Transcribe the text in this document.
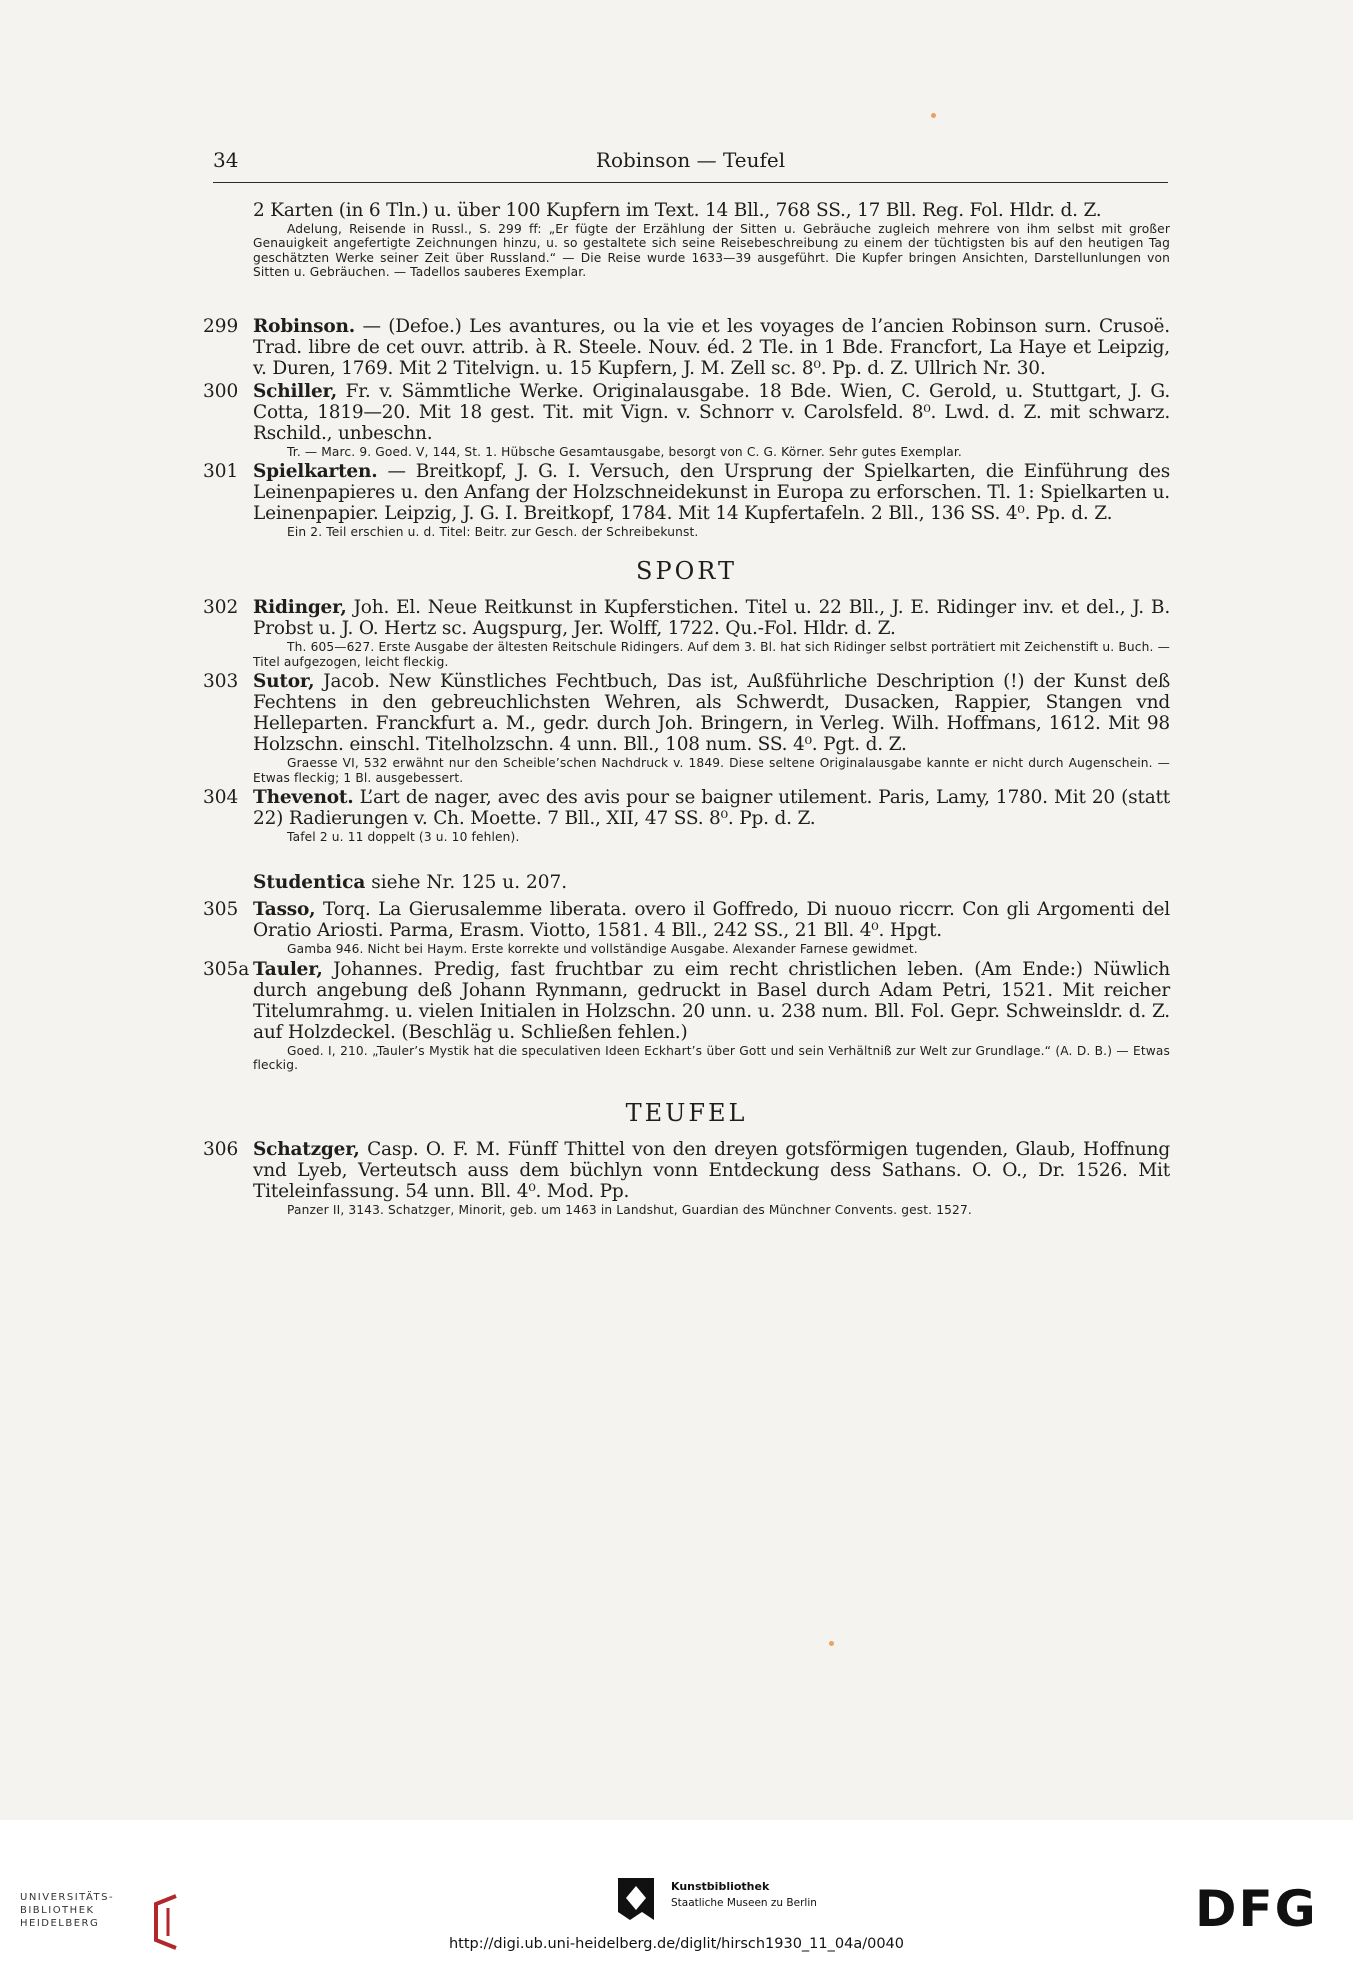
34	Robinson — Teufel
2 Karten (in 6 Tln.) u. über 100 Kupfern im Text. 14 Bll., 768 SS., 17 Bll. Reg. Fol. Hldr. d. Z.
Adelung, Reisende in Russl., S. 299 ff: „Er fügte der Erzählung der Sitten u. Gebräuche zugleich mehrere von ihm selbst mit großer Genauigkeit angefertigte Zeichnungen hinzu, u. so gestaltete sich seine Reisebeschreibung zu einem der tüchtigsten bis auf den heutigen Tag geschätzten Werke seiner Zeit über Russland.“ — Die Reise wurde 1633—39 ausgeführt. Die Kupfer bringen Ansichten, Darstellunlungen von Sitten u. Gebräuchen. — Tadellos sauberes Exemplar.
299 Robinson. — (Defoe.) Les avantures, ou la vie et les voyages de l’ancien Robinson surn. Crusoë. Trad. libre de cet ouvr. attrib. à R. Steele. Nouv. éd. 2 Tle. in 1 Bde. Francfort, La Haye et Leipzig, v. Duren, 1769. Mit 2 Titelvign. u. 15 Kupfern, J. M. Zell sc. 8⁰. Pp. d. Z. Ullrich Nr. 30.
300 Schiller, Fr. v. Sämmtliche Werke. Originalausgabe. 18 Bde. Wien, C. Gerold, u. Stuttgart, J. G. Cotta, 1819—20. Mit 18 gest. Tit. mit Vign. v. Schnorr v. Carolsfeld. 8⁰. Lwd. d. Z. mit schwarz. Rschild., unbeschn.
Tr. — Marc. 9. Goed. V, 144, St. 1. Hübsche Gesamtausgabe, besorgt von C. G. Körner. Sehr gutes Exemplar.
301 Spielkarten. — Breitkopf, J. G. I. Versuch, den Ursprung der Spielkarten, die Einführung des Leinenpapieres u. den Anfang der Holzschneidekunst in Europa zu erforschen. Tl. 1: Spielkarten u. Leinenpapier. Leipzig, J. G. I. Breitkopf, 1784. Mit 14 Kupfertafeln. 2 Bll., 136 SS. 4⁰. Pp. d. Z.
Ein 2. Teil erschien u. d. Titel: Beitr. zur Gesch. der Schreibekunst.
SPORT
302 Ridinger, Joh. El. Neue Reitkunst in Kupferstichen. Titel u. 22 Bll., J. E. Ridinger inv. et del., J. B. Probst u. J. O. Hertz sc. Augspurg, Jer. Wolff, 1722. Qu.-Fol. Hldr. d. Z.
Th. 605—627. Erste Ausgabe der ältesten Reitschule Ridingers. Auf dem 3. Bl. hat sich Ridinger selbst porträtiert mit Zeichenstift u. Buch. — Titel aufgezogen, leicht fleckig.
303 Sutor, Jacob. New Künstliches Fechtbuch, Das ist, Außführliche Deschription (!) der Kunst deß Fechtens in den gebreuchlichsten Wehren, als Schwerdt, Dusacken, Rappier, Stangen vnd Helleparten. Franckfurt a. M., gedr. durch Joh. Bringern, in Verleg. Wilh. Hoffmans, 1612. Mit 98 Holzschn. einschl. Titelholzschn. 4 unn. Bll., 108 num. SS. 4⁰. Pgt. d. Z.
Graesse VI, 532 erwähnt nur den Scheible’schen Nachdruck v. 1849. Diese seltene Originalausgabe kannte er nicht durch Augenschein. — Etwas fleckig; 1 Bl. ausgebessert.
304 Thevenot. L’art de nager, avec des avis pour se baigner utilement. Paris, Lamy, 1780. Mit 20 (statt 22) Radierungen v. Ch. Moette. 7 Bll., XII, 47 SS. 8⁰. Pp. d. Z.
Tafel 2 u. 11 doppelt (3 u. 10 fehlen).
Studentica siehe Nr. 125 u. 207.
305 Tasso, Torq. La Gierusalemme liberata. overo il Goffredo, Di nuouo riccrr. Con gli Argomenti del Oratio Ariosti. Parma, Erasm. Viotto, 1581. 4 Bll., 242 SS., 21 Bll. 4⁰. Hpgt.
Gamba 946. Nicht bei Haym. Erste korrekte und vollständige Ausgabe. Alexander Farnese gewidmet.
305a Tauler, Johannes. Predig, fast fruchtbar zu eim recht christlichen leben. (Am Ende:) Nüwlich durch angebung deß Johann Rynmann, gedruckt in Basel durch Adam Petri, 1521. Mit reicher Titelumrahmg. u. vielen Initialen in Holzschn. 20 unn. u. 238 num. Bll. Fol. Gepr. Schweinsldr. d. Z. auf Holzdeckel. (Beschläg u. Schließen fehlen.)
Goed. I, 210. „Tauler’s Mystik hat die speculativen Ideen Eckhart’s über Gott und sein Verhältniß zur Welt zur Grundlage.“ (A. D. B.) — Etwas fleckig.
TEUFEL
306 Schatzger, Casp. O. F. M. Fünff Thittel von den dreyen gotsförmigen tugenden, Glaub, Hoffnung vnd Lyeb, Verteutsch auss dem büchlyn vonn Entdeckung dess Sathans. O. O., Dr. 1526. Mit Titeleinfassung. 54 unn. Bll. 4⁰. Mod. Pp.
Panzer II, 3143. Schatzger, Minorit, geb. um 1463 in Landshut, Guardian des Münchner Convents. gest. 1527.
UNIVERSITÄTS-
BIBLIOTHEK
HEIDELBERG
Kunstbibliothek
Staatliche Museen zu Berlin	DFG
http://digi.ub.uni-heidelberg.de/diglit/hirsch1930_11_04a/0040
